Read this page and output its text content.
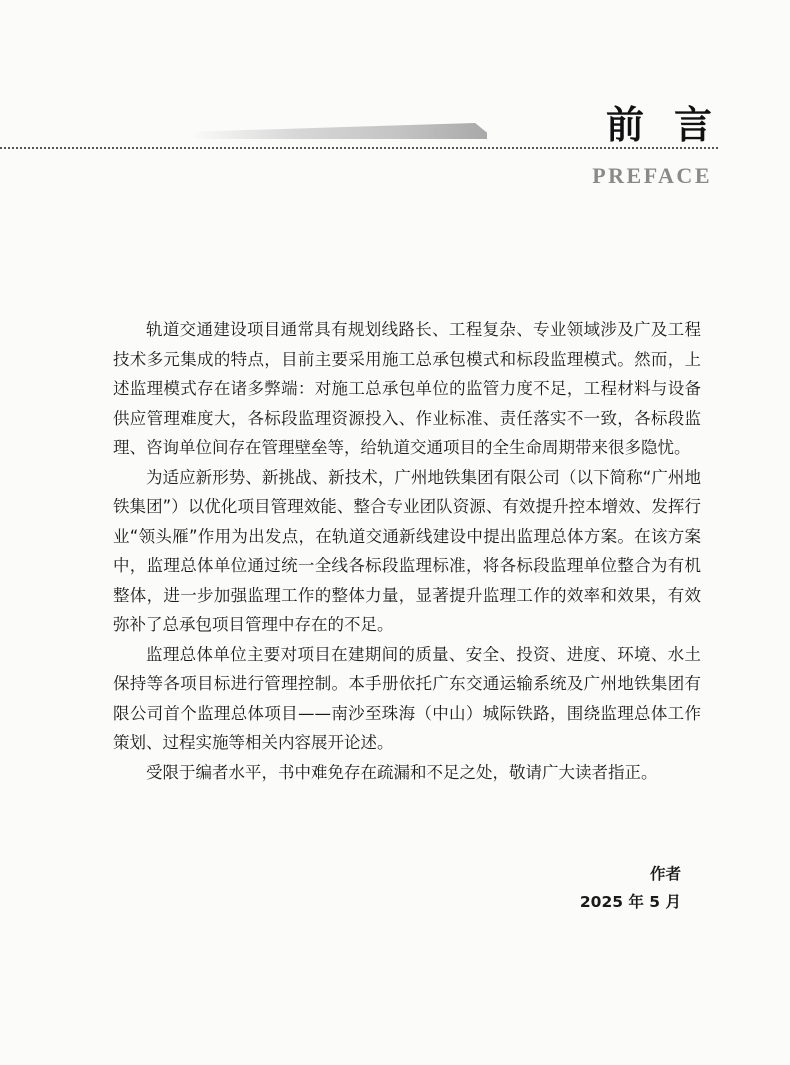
前言
PREFACE

轨道交通建设项目通常具有规划线路长、工程复杂、专业领域涉及广及工程技术多元集成的特点，目前主要采用施工总承包模式和标段监理模式。然而，上述监理模式存在诸多弊端：对施工总承包单位的监管力度不足，工程材料与设备供应管理难度大，各标段监理资源投入、作业标准、责任落实不一致，各标段监理、咨询单位间存在管理壁垒等，给轨道交通项目的全生命周期带来很多隐忧。

为适应新形势、新挑战、新技术，广州地铁集团有限公司（以下简称“广州地铁集团”）以优化项目管理效能、整合专业团队资源、有效提升控本增效、发挥行业“领头雁”作用为出发点，在轨道交通新线建设中提出监理总体方案。在该方案中，监理总体单位通过统一全线各标段监理标准，将各标段监理单位整合为有机整体，进一步加强监理工作的整体力量，显著提升监理工作的效率和效果，有效弥补了总承包项目管理中存在的不足。

监理总体单位主要对项目在建期间的质量、安全、投资、进度、环境、水土保持等各项目标进行管理控制。本手册依托广东交通运输系统及广州地铁集团有限公司首个监理总体项目——南沙至珠海（中山）城际铁路，围绕监理总体工作策划、过程实施等相关内容展开论述。

受限于编者水平，书中难免存在疏漏和不足之处，敬请广大读者指正。

作者
2025 年 5 月
